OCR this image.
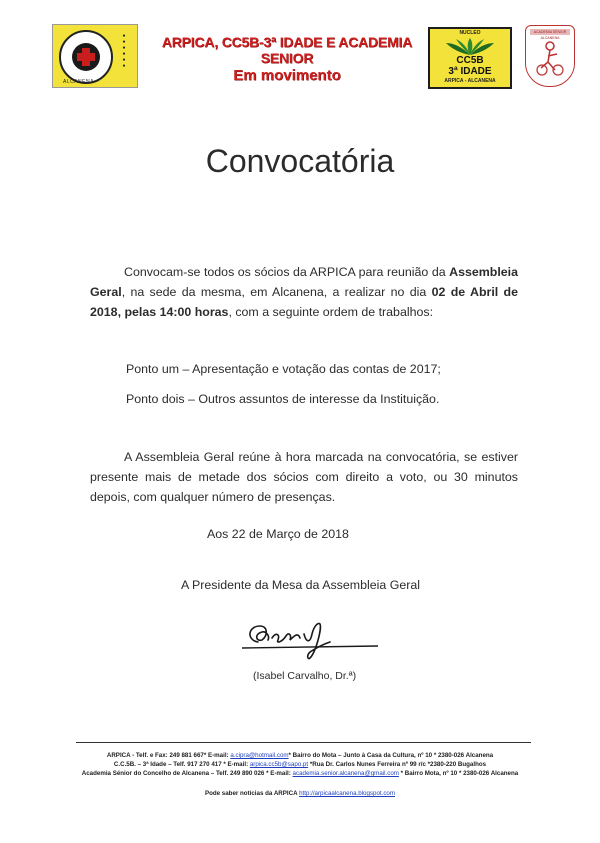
●
●
●
●
●
●
ALCANENA
ARPICA, CC5B-3ª IDADE E ACADEMIA SENIOR
Em movimento
NUCLEO
CC5B
3ª IDADE
ARPICA - ALCANENA
ACADEMIA SÉNIOR ALCANENA
Convocatória
Convocam-se todos os sócios da ARPICA para reunião da Assembleia Geral, na sede da mesma, em Alcanena, a realizar no dia 02 de Abril de 2018, pelas 14:00 horas, com a seguinte ordem de trabalhos:
Ponto um – Apresentação e votação das contas de 2017;
Ponto dois – Outros assuntos de interesse da Instituição.
A Assembleia Geral reúne à hora marcada na convocatória, se estiver presente mais de metade dos sócios com direito a voto, ou 30 minutos depois, com qualquer número de presenças.
Aos 22 de Março de 2018
A Presidente da Mesa da Assembleia Geral
(Isabel Carvalho, Dr.ª)
ARPICA - Telf. e Fax: 249 881 667* E-mail: a.cipra@hotmail.com* Bairro do Mota – Junto à Casa da Cultura, nº 10 * 2380-026 Alcanena
C.C.5B. – 3ª Idade – Telf. 917 270 417 * E-mail: arpica.cc5b@sapo.pt *Rua Dr. Carlos Nunes Ferreira nº 99 r/c *2380-220 Bugalhos
Academia Sénior do Concelho de Alcanena – Telf. 249 890 026 * E-mail: academia.senior.alcanena@gmail.com * Bairro Mota, nº 10 * 2380-026 Alcanena
Pode saber notícias da ARPICA http://arpicaalcanena.blogspot.com
